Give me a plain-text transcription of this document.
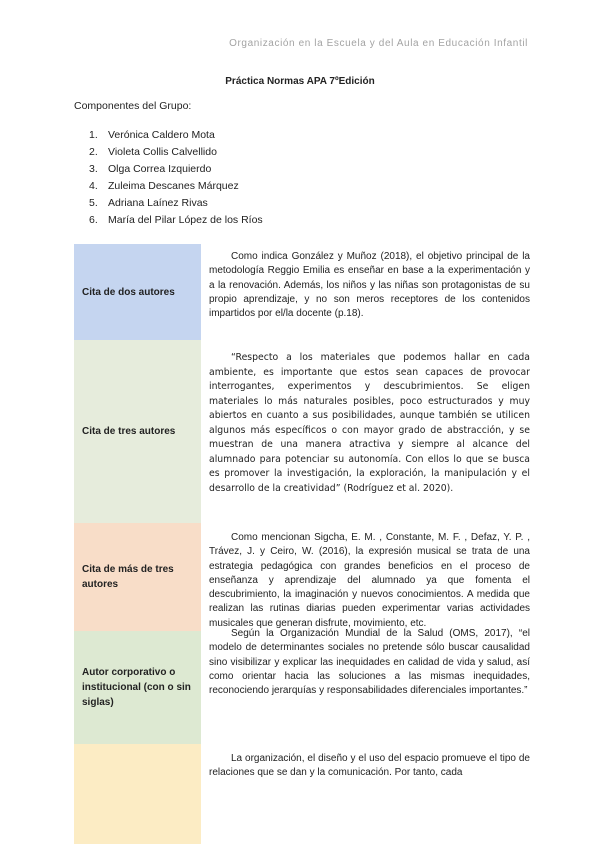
Organización en la Escuela y del Aula en Educación Infantil
Práctica Normas APA 7ºEdición
Componentes del Grupo:
1. Verónica Caldero Mota
2. Violeta Collis Calvellido
3. Olga Correa Izquierdo
4. Zuleima Descanes Márquez
5. Adriana Laínez Rivas
6. María del Pilar López de los Ríos
Cita de dos autores
Como indica González y Muñoz (2018), el objetivo principal de la metodología Reggio Emilia es enseñar en base a la experimentación y a la renovación. Además, los niños y las niñas son protagonistas de su propio aprendizaje, y no son meros receptores de los contenidos impartidos por el/la docente (p.18).
Cita de tres autores
“Respecto a los materiales que podemos hallar en cada ambiente, es importante que estos sean capaces de provocar interrogantes, experimentos y descubrimientos. Se eligen materiales lo más naturales posibles, poco estructurados y muy abiertos en cuanto a sus posibilidades, aunque también se utilicen algunos más específicos o con mayor grado de abstracción, y se muestran de una manera atractiva y siempre al alcance del alumnado para potenciar su autonomía. Con ellos lo que se busca es promover la investigación, la exploración, la manipulación y el desarrollo de la creatividad” (Rodríguez et al. 2020).
Cita de más de tres autores
Como mencionan Sigcha, E. M. , Constante, M. F. , Defaz, Y. P. , Trávez, J. y Ceiro, W. (2016), la expresión musical se trata de una estrategia pedagógica con grandes beneficios en el proceso de enseñanza y aprendizaje del alumnado ya que fomenta el descubrimiento, la imaginación y nuevos conocimientos. A medida que realizan las rutinas diarias pueden experimentar varias actividades musicales que generan disfrute, movimiento, etc.
Autor corporativo o institucional (con o sin siglas)
Según la Organización Mundial de la Salud (OMS, 2017), “el modelo de determinantes sociales no pretende sólo buscar causalidad sino visibilizar y explicar las inequidades en calidad de vida y salud, así como orientar hacia las soluciones a las mismas inequidades, reconociendo jerarquías y responsabilidades diferenciales importantes.”
La organización, el diseño y el uso del espacio promueve el tipo de relaciones que se dan y la comunicación. Por tanto, cada
